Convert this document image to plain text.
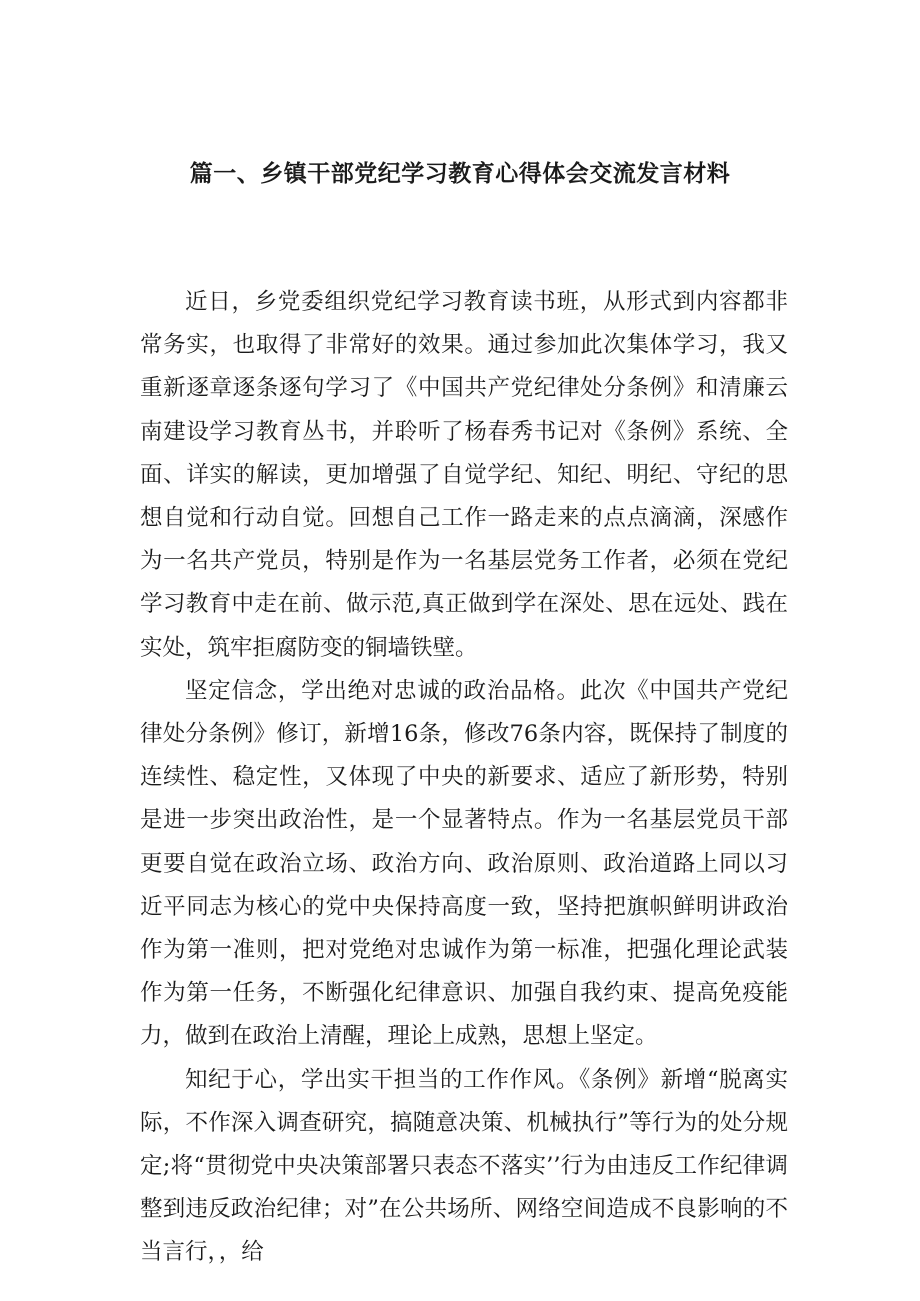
篇一、乡镇干部党纪学习教育心得体会交流发言材料

近日，乡党委组织党纪学习教育读书班，从形式到内容都非常务实，也取得了非常好的效果。通过参加此次集体学习，我又重新逐章逐条逐句学习了《中国共产党纪律处分条例》和清廉云南建设学习教育丛书，并聆听了杨春秀书记对《条例》系统、全面、详实的解读，更加增强了自觉学纪、知纪、明纪、守纪的思想自觉和行动自觉。回想自己工作一路走来的点点滴滴，深感作为一名共产党员，特别是作为一名基层党务工作者，必须在党纪学习教育中走在前、做示范,真正做到学在深处、思在远处、践在实处，筑牢拒腐防变的铜墙铁壁。

坚定信念，学出绝对忠诚的政治品格。此次《中国共产党纪律处分条例》修订，新增16条，修改76条内容，既保持了制度的连续性、稳定性，又体现了中央的新要求、适应了新形势，特别是进一步突出政治性，是一个显著特点。作为一名基层党员干部更要自觉在政治立场、政治方向、政治原则、政治道路上同以习近平同志为核心的党中央保持高度一致，坚持把旗帜鲜明讲政治作为第一准则，把对党绝对忠诚作为第一标准，把强化理论武装作为第一任务，不断强化纪律意识、加强自我约束、提高免疫能力，做到在政治上清醒，理论上成熟，思想上坚定。

知纪于心，学出实干担当的工作作风。《条例》新增“脱离实际，不作深入调查研究，搞随意决策、机械执行”等行为的处分规定;将“贯彻党中央决策部署只表态不落实’’行为由违反工作纪律调整到违反政治纪律；对”在公共场所、网络空间造成不良影响的不当言行，，给
